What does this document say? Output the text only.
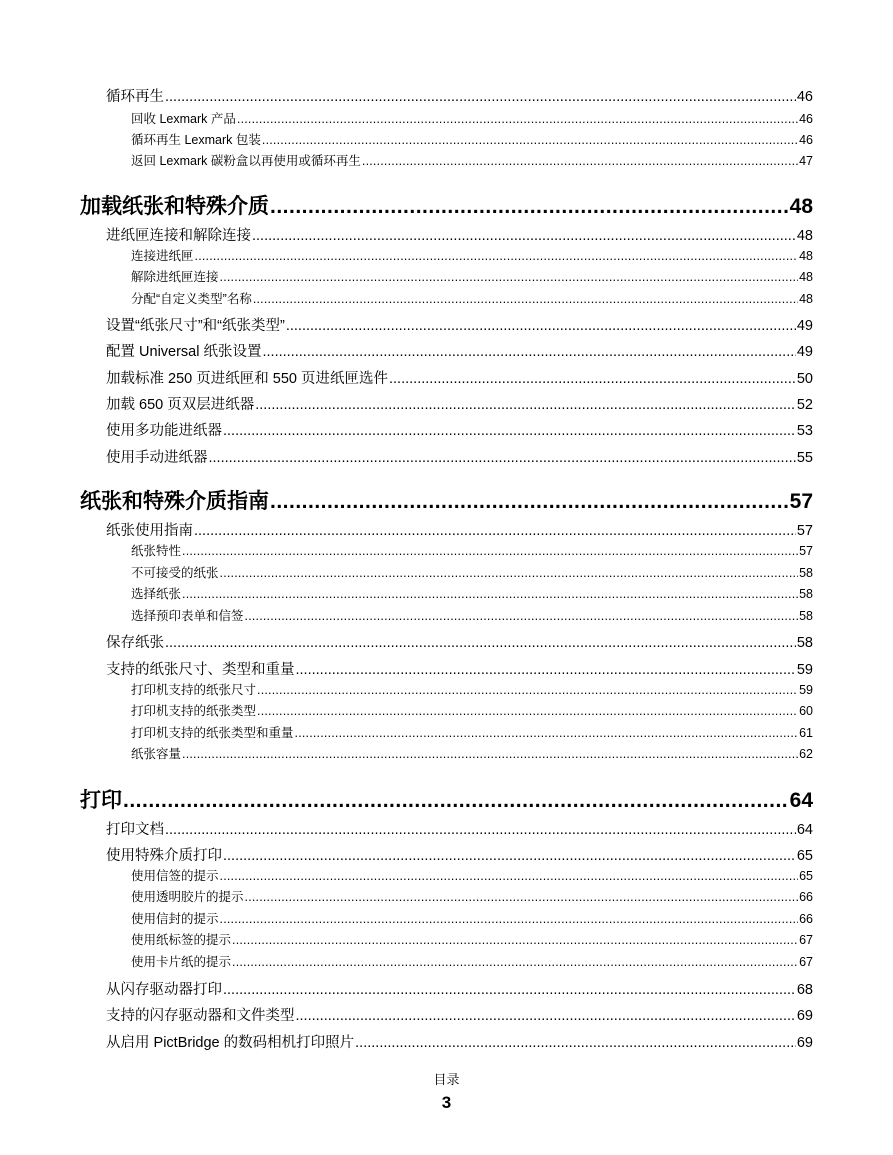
循环再生 .....	46
回收 Lexmark 产品 .....	46
循环再生 Lexmark 包装 .....	46
返回 Lexmark 碳粉盒以再使用或循环再生 .....	47
加载纸张和特殊介质 .....	48
进纸匣连接和解除连接 .....	48
连接进纸匣 .....	48
解除进纸匣连接 .....	48
分配“自定义类型”名称 .....	48
设置“纸张尺寸”和“纸张类型” .....	49
配置 Universal 纸张设置 .....	49
加载标准 250 页进纸匣和 550 页进纸匣选件 .....	50
加载 650 页双层进纸器 .....	52
使用多功能进纸器 .....	53
使用手动进纸器 .....	55
纸张和特殊介质指南 .....	57
纸张使用指南 .....	57
纸张特性 .....	57
不可接受的纸张 .....	58
选择纸张 .....	58
选择预印表单和信签 .....	58
保存纸张 .....	58
支持的纸张尺寸、类型和重量 .....	59
打印机支持的纸张尺寸 .....	59
打印机支持的纸张类型 .....	60
打印机支持的纸张类型和重量 .....	61
纸张容量 .....	62
打印 .....	64
打印文档 .....	64
使用特殊介质打印 .....	65
使用信签的提示 .....	65
使用透明胶片的提示 .....	66
使用信封的提示 .....	66
使用纸标签的提示 .....	67
使用卡片纸的提示 .....	67
从闪存驱动器打印 .....	68
支持的闪存驱动器和文件类型 .....	69
从启用 PictBridge 的数码相机打印照片 .....	69
目录
3
